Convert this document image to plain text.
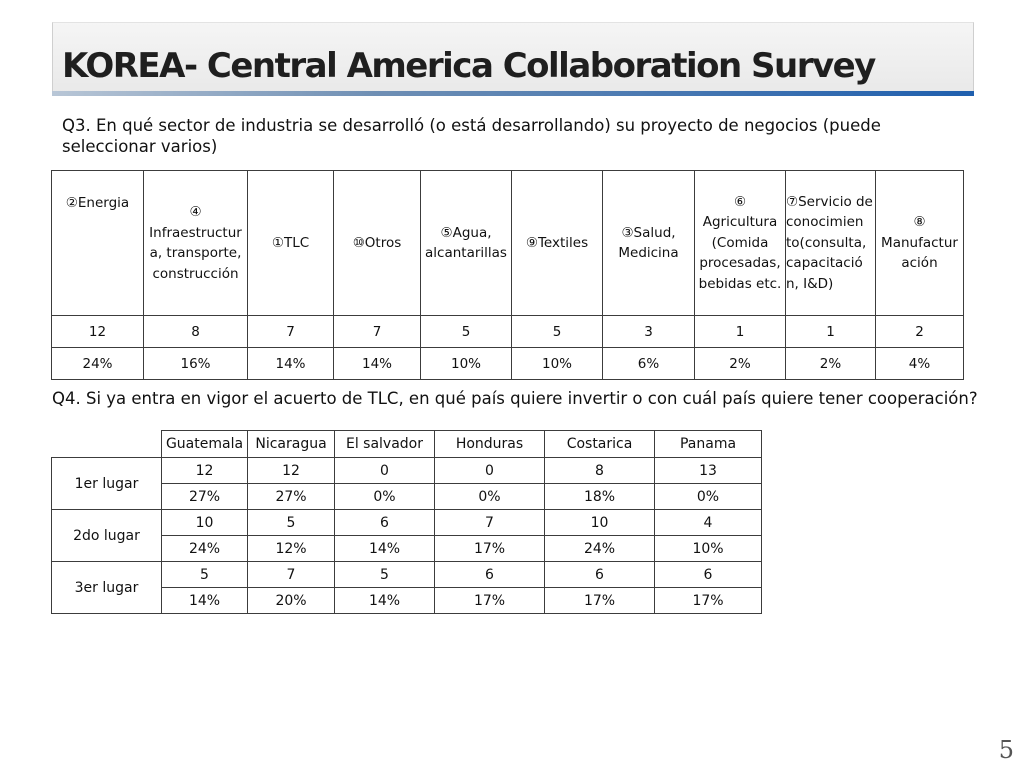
KOREA- Central America Collaboration Survey
Q3. En qué sector de industria se desarrolló (o está desarrollando) su proyecto de negocios (puede seleccionar varios)
②Energia	④ Infraestructur a, transporte, construcción	①TLC	⑩Otros	⑤Agua, alcantarillas	⑨Textiles	③Salud, Medicina	⑥ Agricultura (Comida procesadas, bebidas etc.	⑦Servicio de conocimien to(consulta, capacitació n, I&D)	⑧ Manufactur ación
12	8	7	7	5	5	3	1	1	2
24%	16%	14%	14%	10%	10%	6%	2%	2%	4%
Q4. Si ya entra en vigor el acuerto de TLC, en qué país quiere invertir o con cuál país quiere tener cooperación?
	Guatemala	Nicaragua	El salvador	Honduras	Costarica	Panama
1er lugar	12	12	0	0	8	13
	27%	27%	0%	0%	18%	0%
2do lugar	10	5	6	7	10	4
	24%	12%	14%	17%	24%	10%
3er lugar	5	7	5	6	6	6
	14%	20%	14%	17%	17%	17%
5
